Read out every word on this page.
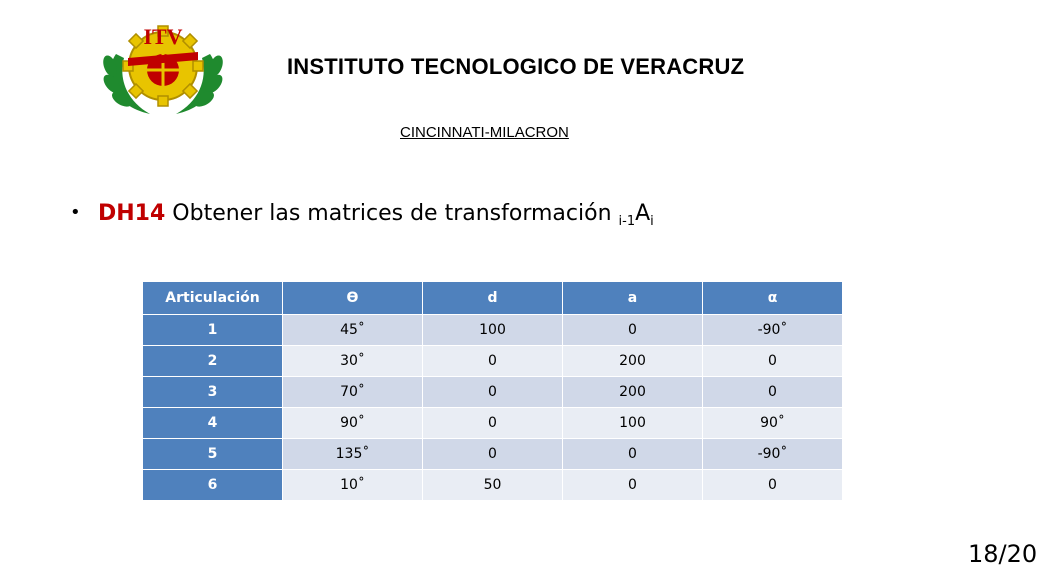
ITV
INSTITUTO TECNOLOGICO DE VERACRUZ
CINCINNATI-MILACRON
• DH14 Obtener las matrices de transformación $_{i-1}A_i$
Articulación	Ɵ	d	a	α
1	45˚	100	0	-90˚
2	30˚	0	200	0
3	70˚	0	200	0
4	90˚	0	100	90˚
5	135˚	0	0	-90˚
6	10˚	50	0	0
18/20
